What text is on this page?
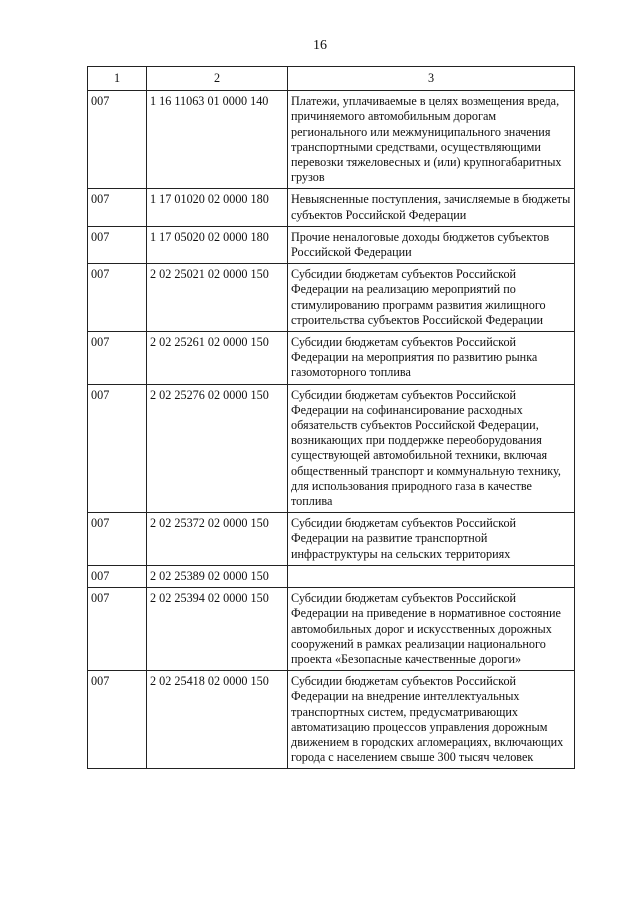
16
1	2	3
007	1 16 11063 01 0000 140	Платежи, уплачиваемые в целях возмещения вреда, причиняемого автомобильным дорогам регионального или межмуниципального значения транспортными средствами, осуществляющими перевозки тяжеловесных и (или) крупногабаритных грузов
007	1 17 01020 02 0000 180	Невыясненные поступления, зачисляемые в бюджеты субъектов Российской Федерации
007	1 17 05020 02 0000 180	Прочие неналоговые доходы бюджетов субъектов Российской Федерации
007	2 02 25021 02 0000 150	Субсидии бюджетам субъектов Российской Федерации на реализацию мероприятий по стимулированию программ развития жилищного строительства субъектов Российской Федерации
007	2 02 25261 02 0000 150	Субсидии бюджетам субъектов Российской Федерации на мероприятия по развитию рынка газомоторного топлива
007	2 02 25276 02 0000 150	Субсидии бюджетам субъектов Российской Федерации на софинансирование расходных обязательств субъектов Российской Федерации, возникающих при поддержке переоборудования существующей автомобильной техники, включая общественный транспорт и коммунальную технику, для использования природного газа в качестве топлива
007	2 02 25372 02 0000 150	Субсидии бюджетам субъектов Российской Федерации на развитие транспортной инфраструктуры на сельских территориях
007	2 02 25389 02 0000 150	
007	2 02 25394 02 0000 150	Субсидии бюджетам субъектов Российской Федерации на приведение в нормативное состояние автомобильных дорог и искусственных дорожных сооружений в рамках реализации национального проекта «Безопасные качественные дороги»
007	2 02 25418 02 0000 150	Субсидии бюджетам субъектов Российской Федерации на внедрение интеллектуальных транспортных систем, предусматривающих автоматизацию процессов управления дорожным движением в городских агломерациях, включающих города с населением свыше 300 тысяч человек
